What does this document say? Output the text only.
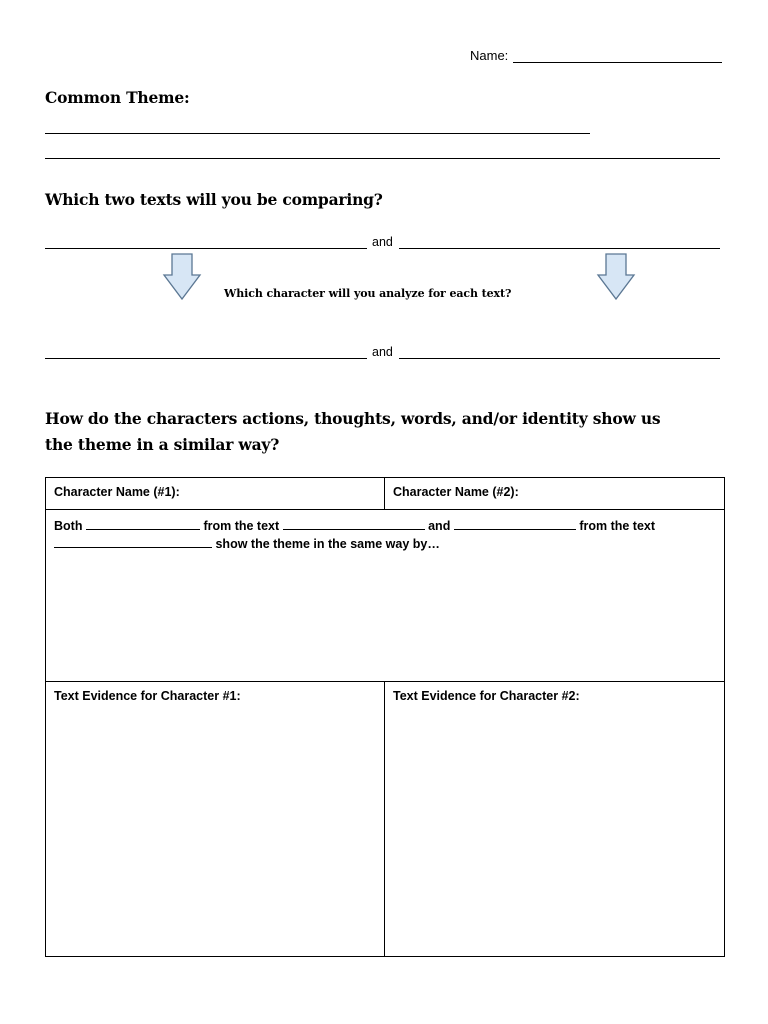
Name:
Common Theme:
Which two texts will you be comparing?
and
Which character will you analyze for each text?
and
How do the characters actions, thoughts, words, and/or identity show us
the theme in a similar way?
Character Name (#1):	Character Name (#2):
Both from the text and from the text
show the theme in the same way by…	
Text Evidence for Character #1:	Text Evidence for Character #2:
